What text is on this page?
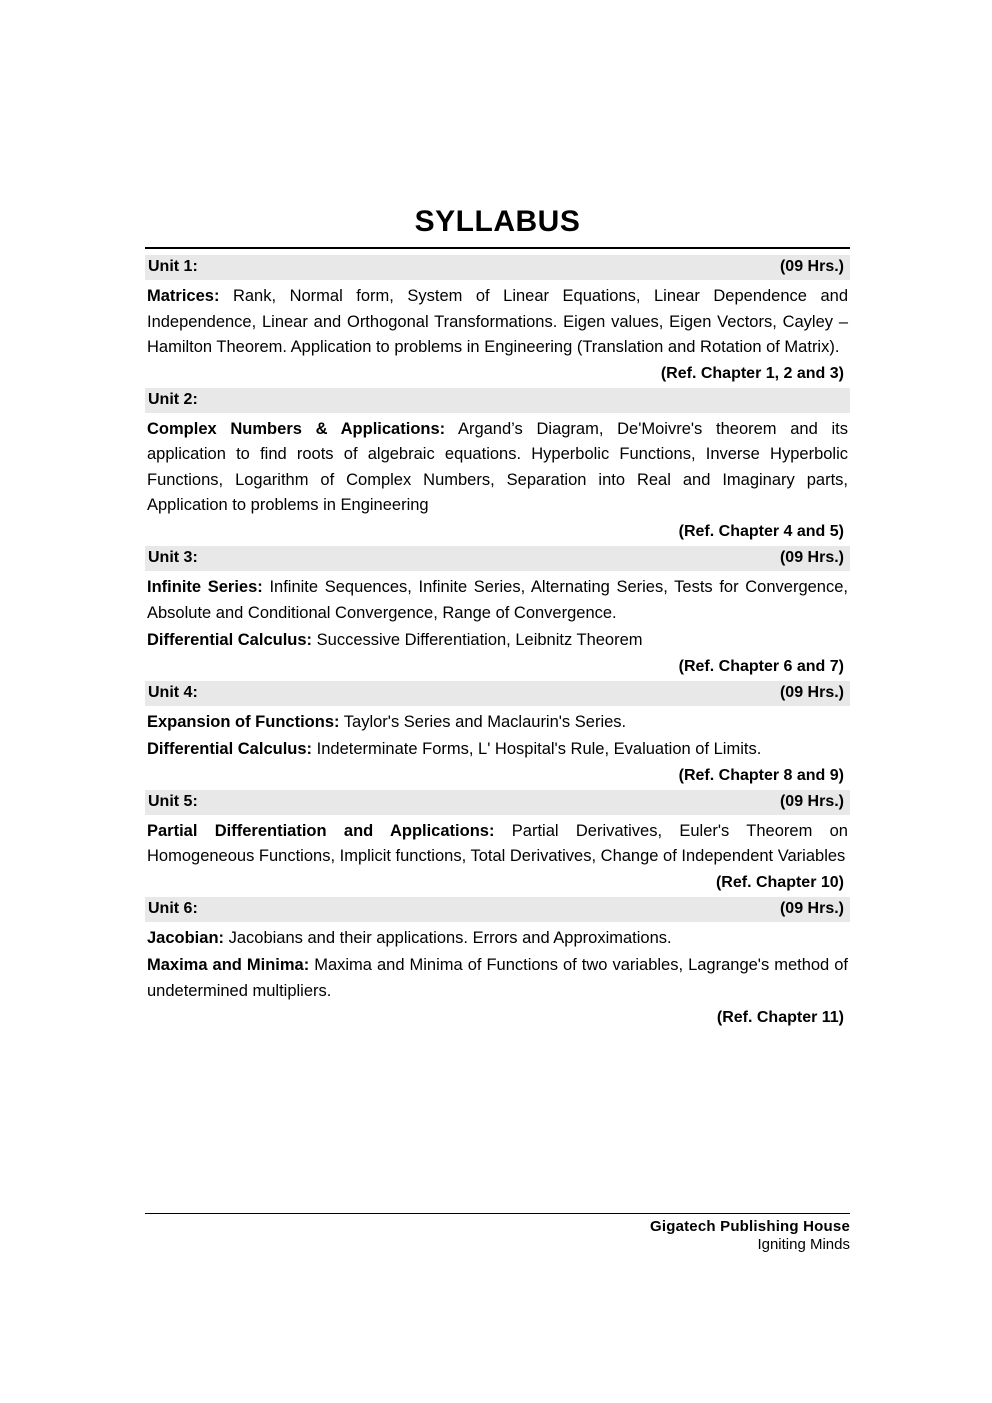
SYLLABUS
Unit 1:	(09 Hrs.)

Matrices: Rank, Normal form, System of Linear Equations, Linear Dependence and Independence, Linear and Orthogonal Transformations. Eigen values, Eigen Vectors, Cayley – Hamilton Theorem. Application to problems in Engineering (Translation and Rotation of Matrix).

(Ref. Chapter 1, 2 and 3)
Unit 2:

Complex Numbers & Applications: Argand’s Diagram, De'Moivre's theorem and its application to find roots of algebraic equations. Hyperbolic Functions, Inverse Hyperbolic Functions, Logarithm of Complex Numbers, Separation into Real and Imaginary parts, Application to problems in Engineering

(Ref. Chapter 4 and 5)
Unit 3:	(09 Hrs.)

Infinite Series: Infinite Sequences, Infinite Series, Alternating Series, Tests for Convergence, Absolute and Conditional Convergence, Range of Convergence.

Differential Calculus: Successive Differentiation, Leibnitz Theorem

(Ref. Chapter 6 and 7)
Unit 4:	(09 Hrs.)

Expansion of Functions: Taylor's Series and Maclaurin's Series.

Differential Calculus: Indeterminate Forms, L' Hospital's Rule, Evaluation of Limits.

(Ref. Chapter 8 and 9)
Unit 5:	(09 Hrs.)

Partial Differentiation and Applications: Partial Derivatives, Euler's Theorem on Homogeneous Functions, Implicit functions, Total Derivatives, Change of Independent Variables

(Ref. Chapter 10)
Unit 6:	(09 Hrs.)

Jacobian: Jacobians and their applications. Errors and Approximations.

Maxima and Minima: Maxima and Minima of Functions of two variables, Lagrange's method of undetermined multipliers.

(Ref. Chapter 11)
Gigatech Publishing House
Igniting Minds
